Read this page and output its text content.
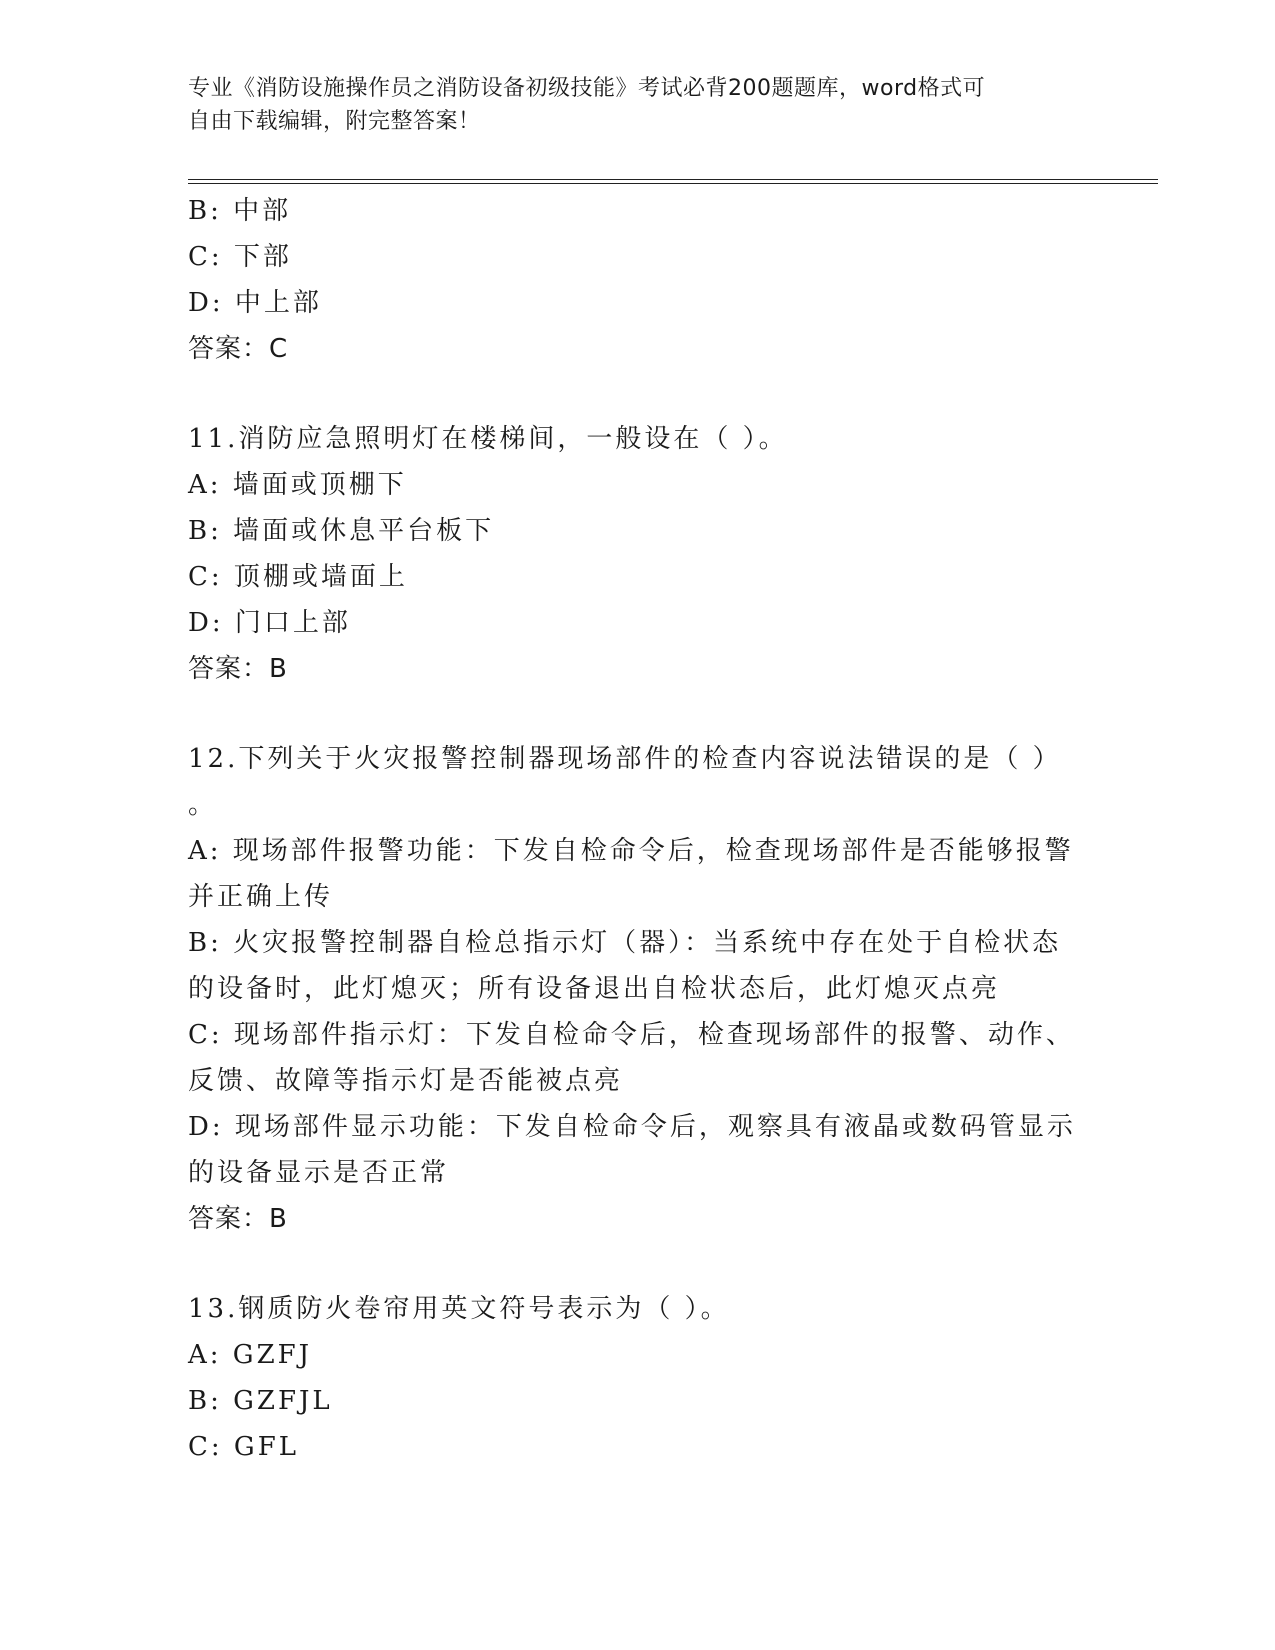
专业《消防设施操作员之消防设备初级技能》考试必背200题题库，word格式可
自由下载编辑，附完整答案！
B: 中部
C: 下部
D: 中上部
答案：C
11.消防应急照明灯在楼梯间，一般设在（ ）。
A: 墙面或顶棚下
B: 墙面或休息平台板下
C: 顶棚或墙面上
D: 门口上部
答案：B
12.下列关于火灾报警控制器现场部件的检查内容说法错误的是（ ）
。
A: 现场部件报警功能：下发自检命令后，检查现场部件是否能够报警
并正确上传
B: 火灾报警控制器自检总指示灯（器）：当系统中存在处于自检状态
的设备时，此灯熄灭；所有设备退出自检状态后，此灯熄灭点亮
C: 现场部件指示灯：下发自检命令后，检查现场部件的报警、动作、
反馈、故障等指示灯是否能被点亮
D: 现场部件显示功能：下发自检命令后，观察具有液晶或数码管显示
的设备显示是否正常
答案：B
13.钢质防火卷帘用英文符号表示为（ ）。
A: GZFJ
B: GZFJL
C: GFL
